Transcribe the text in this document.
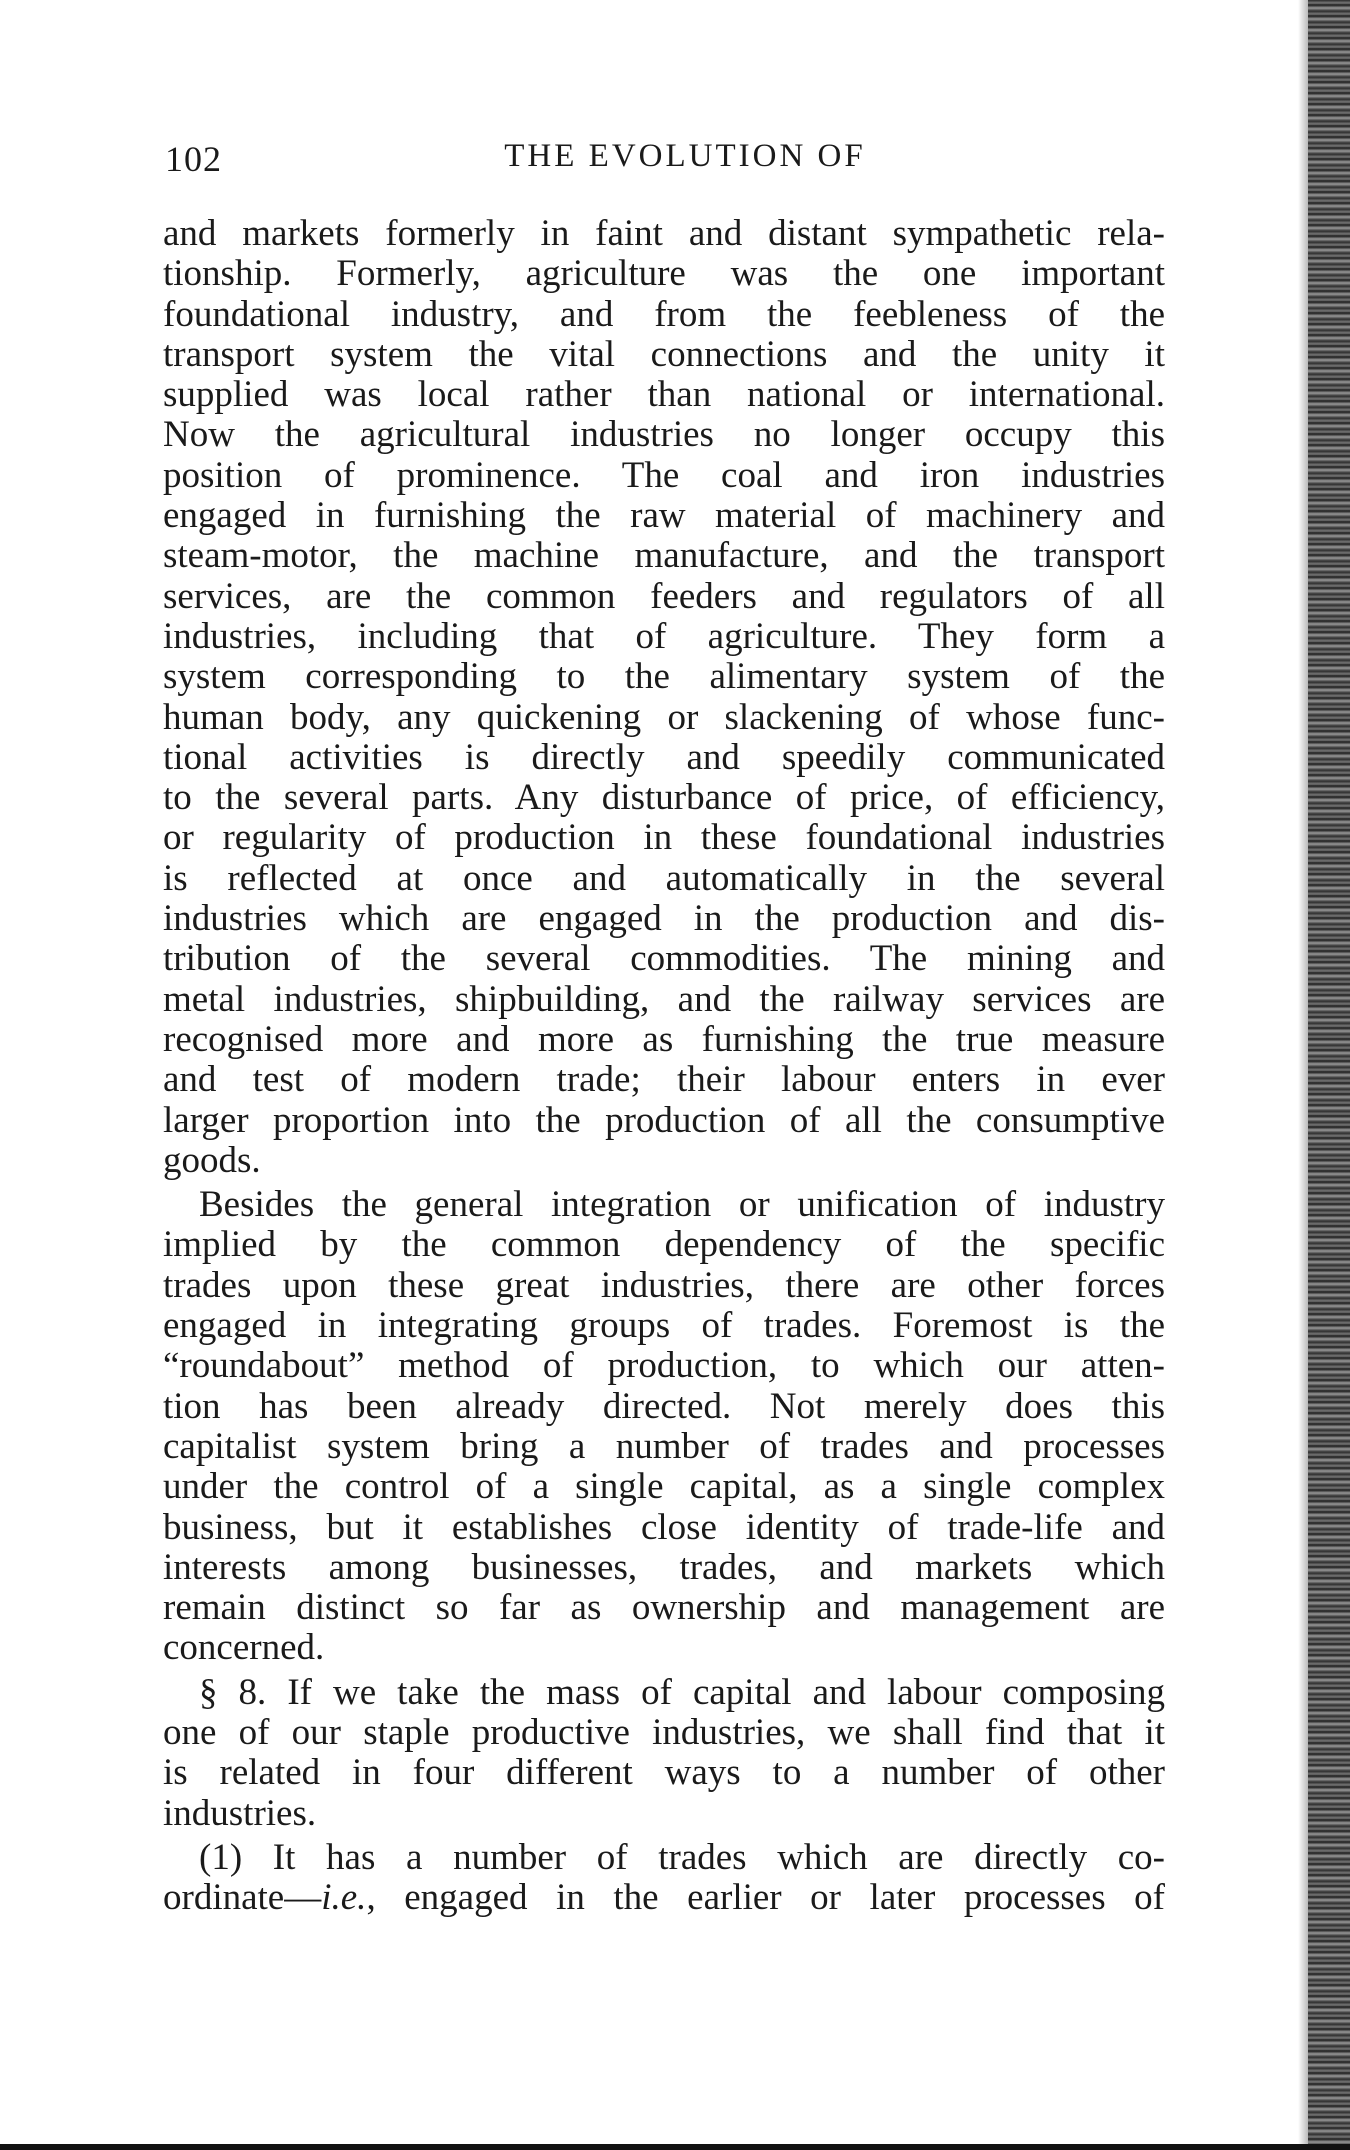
102	THE EVOLUTION OF
and markets formerly in faint and distant sympathetic rela-
tionship. Formerly, agriculture was the one important
foundational industry, and from the feebleness of the
transport system the vital connections and the unity it
supplied was local rather than national or international.
Now the agricultural industries no longer occupy this
position of prominence. The coal and iron industries
engaged in furnishing the raw material of machinery and
steam-motor, the machine manufacture, and the transport
services, are the common feeders and regulators of all
industries, including that of agriculture. They form a
system corresponding to the alimentary system of the
human body, any quickening or slackening of whose func-
tional activities is directly and speedily communicated
to the several parts. Any disturbance of price, of efficiency,
or regularity of production in these foundational industries
is reflected at once and automatically in the several
industries which are engaged in the production and dis-
tribution of the several commodities. The mining and
metal industries, shipbuilding, and the railway services are
recognised more and more as furnishing the true measure
and test of modern trade; their labour enters in ever
larger proportion into the production of all the consumptive
goods.
Besides the general integration or unification of industry
implied by the common dependency of the specific
trades upon these great industries, there are other forces
engaged in integrating groups of trades. Foremost is the
“roundabout” method of production, to which our atten-
tion has been already directed. Not merely does this
capitalist system bring a number of trades and processes
under the control of a single capital, as a single complex
business, but it establishes close identity of trade-life and
interests among businesses, trades, and markets which
remain distinct so far as ownership and management are
concerned.
§ 8. If we take the mass of capital and labour composing
one of our staple productive industries, we shall find that it
is related in four different ways to a number of other
industries.
(1) It has a number of trades which are directly co-
ordinate—i.e., engaged in the earlier or later processes of
